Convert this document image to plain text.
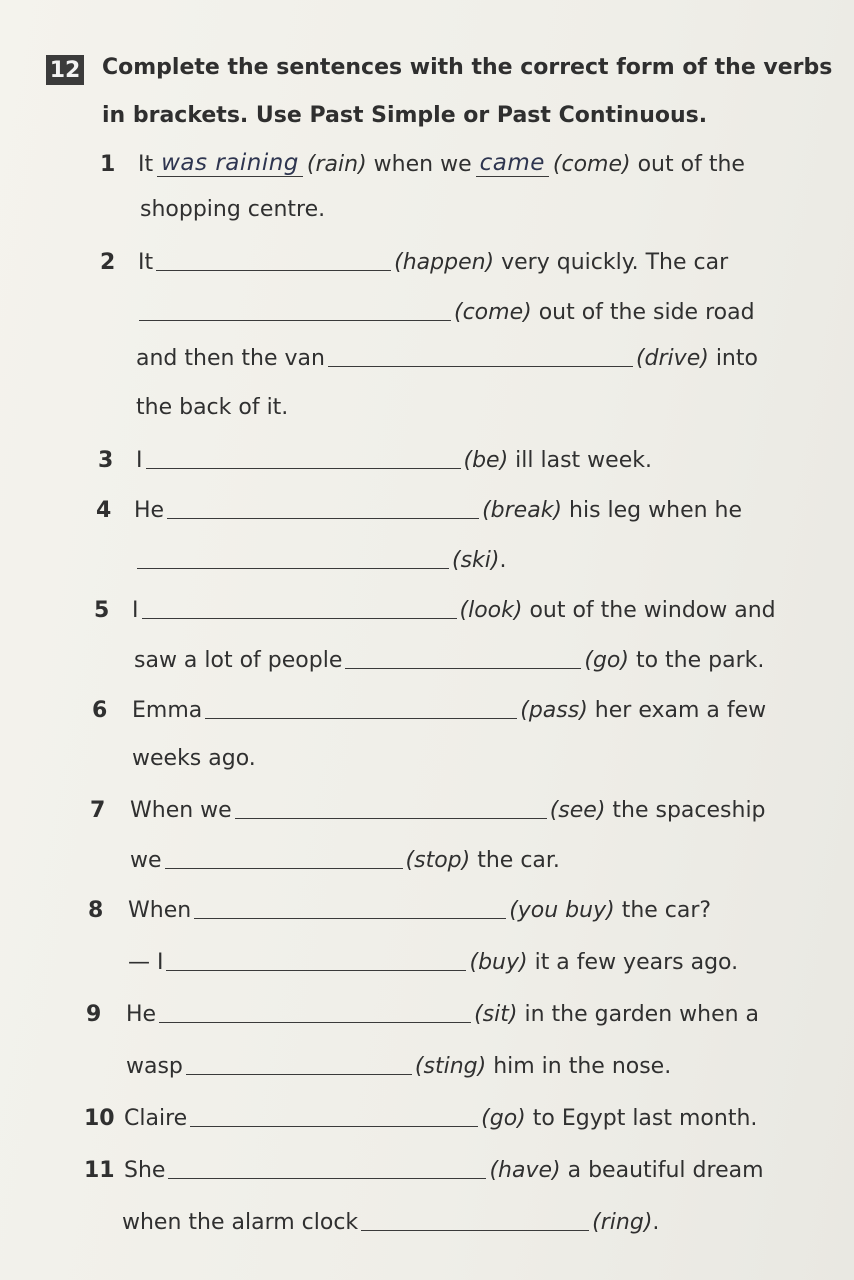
12 Complete the sentences with the correct form of the verbs
in brackets. Use Past Simple or Past Continuous.
1	It was raining (rain)
when we came (come)
out of the
shopping centre.
2	It	(happen)
very quickly. The car
(come)
out of the side road
and then the van	(drive)
into
the back of it.
3	I	(be)
ill last week.
4	He	(break)
his leg when he
(ski) .
5	I	(look)
out of the window and
saw a lot of people	(go)
to the park.
6	Emma	(pass)
her exam a few
weeks ago.
7	When we	(see)
the spaceship
we	(stop)
the car.
8	When	(you buy)
the car?
— I	(buy)
it a few years ago.
9	He	(sit)
in the garden when a
wasp	(sting)
him in the nose.
10 Claire	(go)
to Egypt last month.
11 She	(have)
a beautiful dream
when the alarm clock	(ring) .
